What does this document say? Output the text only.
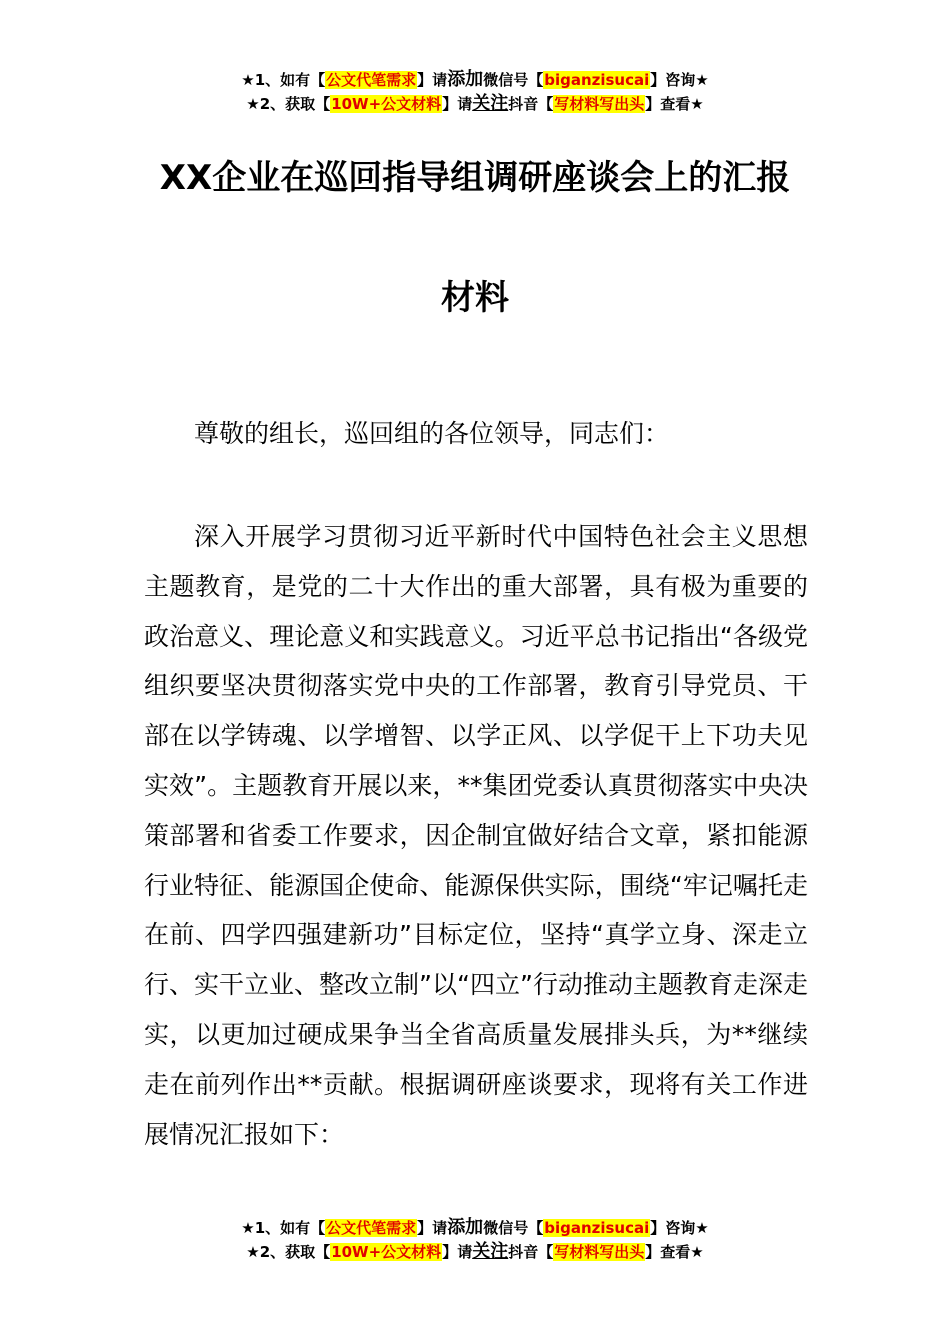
★1、如有【公文代笔需求】请添加微信号【biganzisucai】咨询★
★2、获取【10W+公文材料】请关注抖音【写材料写出头】查看★
XX企业在巡回指导组调研座谈会上的汇报
材料

尊敬的组长，巡回组的各位领导，同志们：

深入开展学习贯彻习近平新时代中国特色社会主义思想主题教育，是党的二十大作出的重大部署，具有极为重要的政治意义、理论意义和实践意义。习近平总书记指出“各级党组织要坚决贯彻落实党中央的工作部署，教育引导党员、干部在以学铸魂、以学增智、以学正风、以学促干上下功夫见实效”。主题教育开展以来，**集团党委认真贯彻落实中央决策部署和省委工作要求，因企制宜做好结合文章，紧扣能源行业特征、能源国企使命、能源保供实际，围绕“牢记嘱托走在前、四学四强建新功”目标定位，坚持“真学立身、深走立行、实干立业、整改立制”以“四立”行动推动主题教育走深走实，以更加过硬成果争当全省高质量发展排头兵，为**继续走在前列作出**贡献。根据调研座谈要求，现将有关工作进展情况汇报如下：

★1、如有【公文代笔需求】请添加微信号【biganzisucai】咨询★
★2、获取【10W+公文材料】请关注抖音【写材料写出头】查看★
